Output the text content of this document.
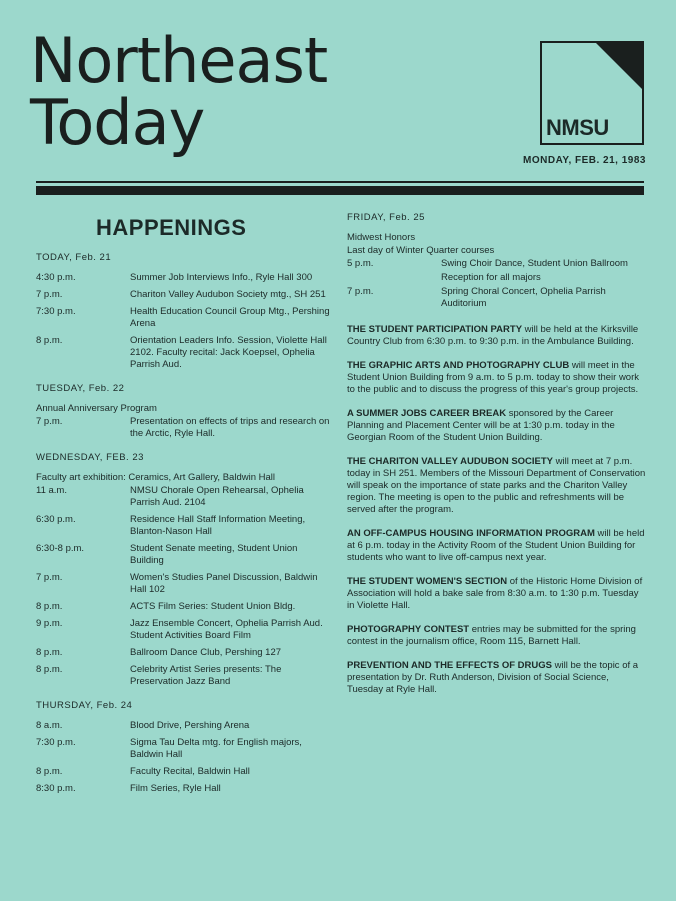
Northeast
Today	NMSU
MONDAY, FEB. 21, 1983
HAPPENINGS
TODAY, Feb. 21
4:30 p.m.	Summer Job Interviews Info., Ryle Hall 300
7 p.m.	Chariton Valley Audubon Society mtg., SH 251
7:30 p.m.	Health Education Council Group Mtg., Pershing Arena
8 p.m.	Orientation Leaders Info. Session, Violette Hall 2102. Faculty recital: Jack Koepsel, Ophelia Parrish Aud.
TUESDAY, Feb. 22
Annual Anniversary Program
7 p.m.	Presentation on effects of trips and research on the Arctic, Ryle Hall.
WEDNESDAY, FEB. 23
Faculty art exhibition: Ceramics, Art Gallery, Baldwin Hall
11 a.m.	NMSU Chorale Open Rehearsal, Ophelia Parrish Aud. 2104
6:30 p.m.	Residence Hall Staff Information Meeting, Blanton-Nason Hall
6:30-8 p.m.	Student Senate meeting, Student Union Building
7 p.m.	Women's Studies Panel Discussion, Baldwin Hall 102
8 p.m.	ACTS Film Series: Student Union Bldg.
9 p.m.	Jazz Ensemble Concert, Ophelia Parrish Aud. Student Activities Board Film
8 p.m.	Ballroom Dance Club, Pershing 127
8 p.m.	Celebrity Artist Series presents: The Preservation Jazz Band
THURSDAY, Feb. 24
8 a.m.	Blood Drive, Pershing Arena
7:30 p.m.	Sigma Tau Delta mtg. for English majors, Baldwin Hall
8 p.m.	Faculty Recital, Baldwin Hall
8:30 p.m.	Film Series, Ryle Hall
FRIDAY, Feb. 25
Midwest Honors
Last day of Winter Quarter courses
5 p.m.	Swing Choir Dance, Student Union Ballroom
Reception for all majors
7 p.m.	Spring Choral Concert, Ophelia Parrish Auditorium

THE STUDENT PARTICIPATION PARTY will be held at the Kirksville Country Club from 6:30 p.m. to 9:30 p.m. in the Ambulance Building.

THE GRAPHIC ARTS AND PHOTOGRAPHY CLUB will meet in the Student Union Building from 9 a.m. to 5 p.m. today to show their work to the public and to discuss the progress of this year's group projects.

A SUMMER JOBS CAREER BREAK sponsored by the Career Planning and Placement Center will be at 1:30 p.m. today in the Georgian Room of the Student Union Building.

THE CHARITON VALLEY AUDUBON SOCIETY will meet at 7 p.m. today in SH 251. Members of the Missouri Department of Conservation will speak on the importance of state parks and the Chariton Valley region. The meeting is open to the public and refreshments will be served after the program.

AN OFF-CAMPUS HOUSING INFORMATION PROGRAM will be held at 6 p.m. today in the Activity Room of the Student Union Building for students who want to live off-campus next year.

THE STUDENT WOMEN'S SECTION of the Historic Home Division of Association will hold a bake sale from 8:30 a.m. to 1:30 p.m. Tuesday in Violette Hall.

PHOTOGRAPHY CONTEST entries may be submitted for the spring contest in the journalism office, Room 115, Barnett Hall.

PREVENTION AND THE EFFECTS OF DRUGS will be the topic of a presentation by Dr. Ruth Anderson, Division of Social Science, Tuesday at Ryle Hall.
